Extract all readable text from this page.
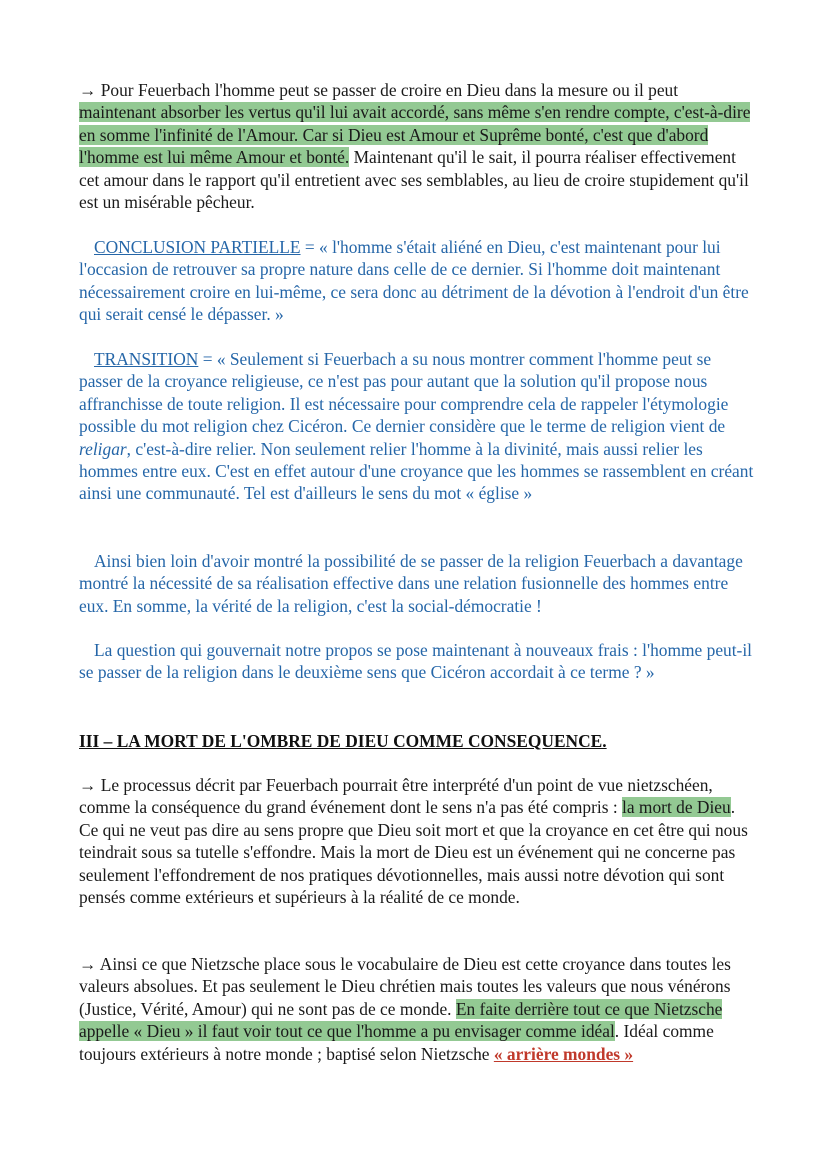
→ Pour Feuerbach l'homme peut se passer de croire en Dieu dans la mesure ou il peut maintenant absorber les vertus qu'il lui avait accordé, sans même s'en rendre compte, c'est-à-dire en somme l'infinité de l'Amour. Car si Dieu est Amour et Suprême bonté, c'est que d'abord l'homme est lui même Amour et bonté. Maintenant qu'il le sait, il pourra réaliser effectivement cet amour dans le rapport qu'il entretient avec ses semblables, au lieu de croire stupidement qu'il est un misérable pêcheur.

CONCLUSION PARTIELLE = « l'homme s'était aliéné en Dieu, c'est maintenant pour lui l'occasion de retrouver sa propre nature dans celle de ce dernier. Si l'homme doit maintenant nécessairement croire en lui-même, ce sera donc au détriment de la dévotion à l'endroit d'un être qui serait censé le dépasser. »

TRANSITION = « Seulement si Feuerbach a su nous montrer comment l'homme peut se passer de la croyance religieuse, ce n'est pas pour autant que la solution qu'il propose nous affranchisse de toute religion. Il est nécessaire pour comprendre cela de rappeler l'étymologie possible du mot religion chez Cicéron. Ce dernier considère que le terme de religion vient de religar, c'est-à-dire relier. Non seulement relier l'homme à la divinité, mais aussi relier les hommes entre eux. C'est en effet autour d'une croyance que les hommes se rassemblent en créant ainsi une communauté. Tel est d'ailleurs le sens du mot « église »

Ainsi bien loin d'avoir montré la possibilité de se passer de la religion Feuerbach a davantage montré la nécessité de sa réalisation effective dans une relation fusionnelle des hommes entre eux. En somme, la vérité de la religion, c'est la social-démocratie !

La question qui gouvernait notre propos se pose maintenant à nouveaux frais : l'homme peut-il se passer de la religion dans le deuxième sens que Cicéron accordait à ce terme ? »

III – LA MORT DE L'OMBRE DE DIEU COMME CONSEQUENCE.

→ Le processus décrit par Feuerbach pourrait être interprété d'un point de vue nietzschéen, comme la conséquence du grand événement dont le sens n'a pas été compris : la mort de Dieu. Ce qui ne veut pas dire au sens propre que Dieu soit mort et que la croyance en cet être qui nous teindrait sous sa tutelle s'effondre. Mais la mort de Dieu est un événement qui ne concerne pas seulement l'effondrement de nos pratiques dévotionnelles, mais aussi notre dévotion qui sont pensés comme extérieurs et supérieurs à la réalité de ce monde.

→ Ainsi ce que Nietzsche place sous le vocabulaire de Dieu est cette croyance dans toutes les valeurs absolues. Et pas seulement le Dieu chrétien mais toutes les valeurs que nous vénérons (Justice, Vérité, Amour) qui ne sont pas de ce monde. En faite derrière tout ce que Nietzsche appelle « Dieu » il faut voir tout ce que l'homme a pu envisager comme idéal. Idéal comme toujours extérieurs à notre monde ; baptisé selon Nietzsche « arrière mondes »
